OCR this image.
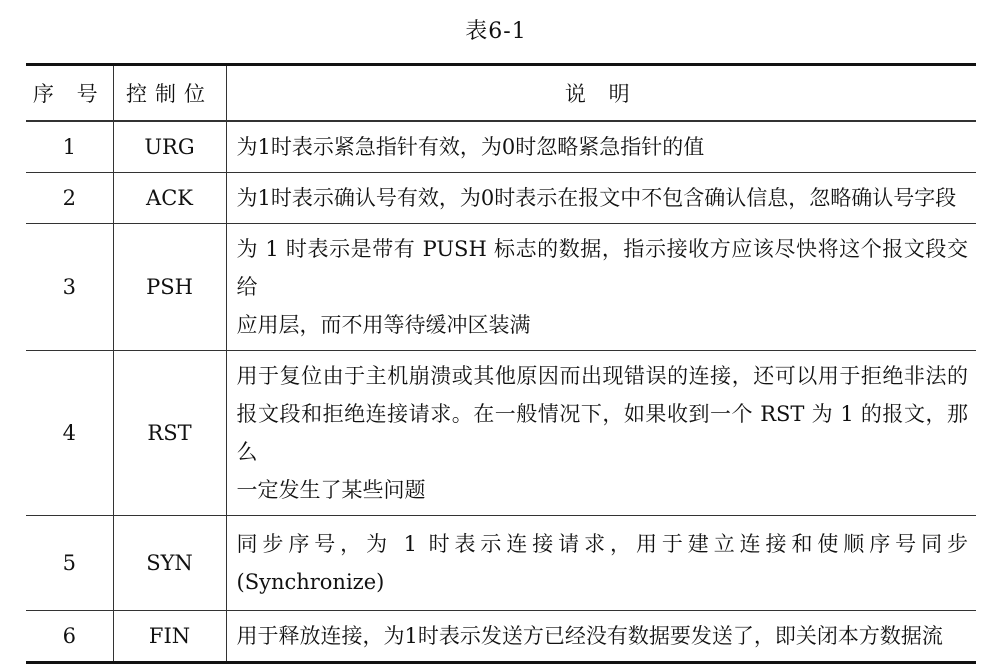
表6-1
序 号	控制位	说 明
1	URG	为1时表示紧急指针有效，为0时忽略紧急指针的值
2	ACK	为1时表示确认号有效，为0时表示在报文中不包含确认信息，忽略确认号字段
3	PSH	为 1 时表示是带有 PUSH 标志的数据，指示接收方应该尽快将这个报文段交给
应用层，而不用等待缓冲区装满

4	RST	用于复位由于主机崩溃或其他原因而出现错误的连接，还可以用于拒绝非法的
报文段和拒绝连接请求。在一般情况下，如果收到一个 RST 为 1 的报文，那么
一定发生了某些问题

5	SYN	同步序号，为 1 时表示连接请求，用于建立连接和使顺序号同步
(Synchronize)

6	FIN	用于释放连接，为1时表示发送方已经没有数据要发送了，即关闭本方数据流
